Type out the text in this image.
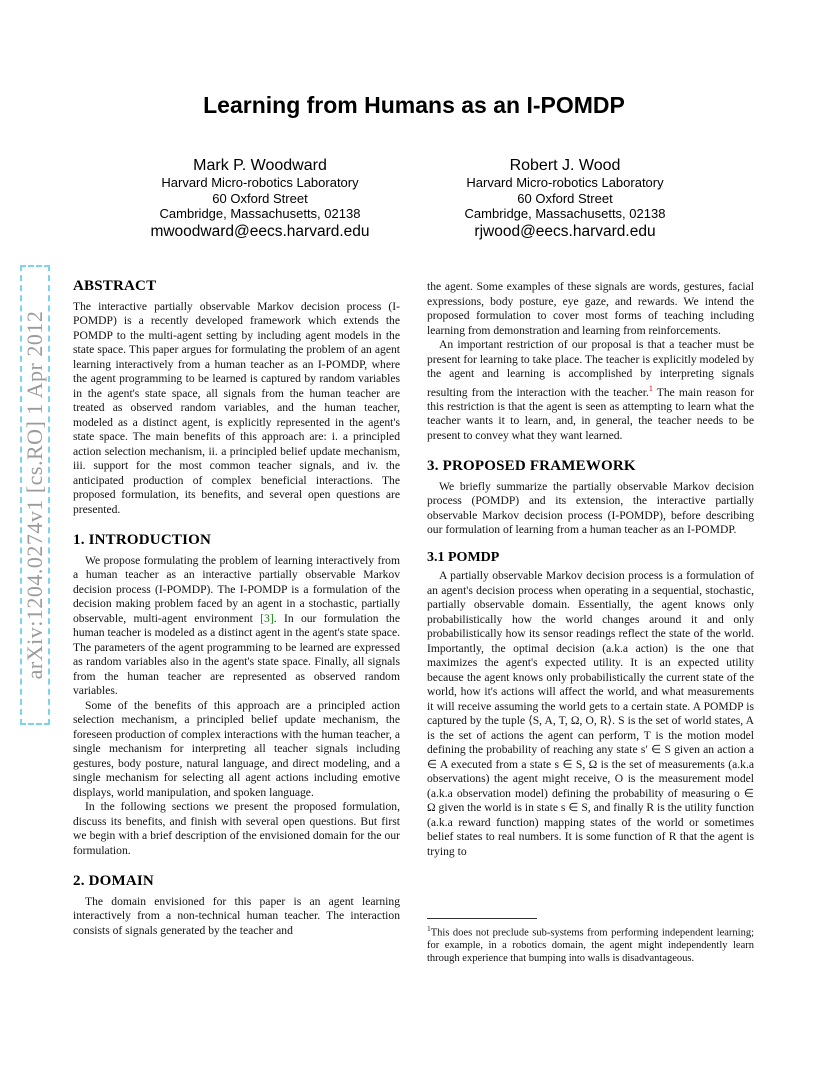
arXiv:1204.0274v1 [cs.RO] 1 Apr 2012
Learning from Humans as an I-POMDP
Mark P. Woodward
Harvard Micro-robotics Laboratory
60 Oxford Street
Cambridge, Massachusetts, 02138
mwoodward@eecs.harvard.edu
Robert J. Wood
Harvard Micro-robotics Laboratory
60 Oxford Street
Cambridge, Massachusetts, 02138
rjwood@eecs.harvard.edu
ABSTRACT

The interactive partially observable Markov decision process (I-POMDP) is a recently developed framework which extends the POMDP to the multi-agent setting by including agent models in the state space. This paper argues for formulating the problem of an agent learning interactively from a human teacher as an I-POMDP, where the agent programming to be learned is captured by random variables in the agent's state space, all signals from the human teacher are treated as observed random variables, and the human teacher, modeled as a distinct agent, is explicitly represented in the agent's state space. The main benefits of this approach are: i. a principled action selection mechanism, ii. a principled belief update mechanism, iii. support for the most common teacher signals, and iv. the anticipated production of complex beneficial interactions. The proposed formulation, its benefits, and several open questions are presented.

1. INTRODUCTION

We propose formulating the problem of learning interactively from a human teacher as an interactive partially observable Markov decision process (I-POMDP). The I-POMDP is a formulation of the decision making problem faced by an agent in a stochastic, partially observable, multi-agent environment [3]. In our formulation the human teacher is modeled as a distinct agent in the agent's state space. The parameters of the agent programming to be learned are expressed as random variables also in the agent's state space. Finally, all signals from the human teacher are represented as observed random variables.

Some of the benefits of this approach are a principled action selection mechanism, a principled belief update mechanism, the foreseen production of complex interactions with the human teacher, a single mechanism for interpreting all teacher signals including gestures, body posture, natural language, and direct modeling, and a single mechanism for selecting all agent actions including emotive displays, world manipulation, and spoken language.

In the following sections we present the proposed formulation, discuss its benefits, and finish with several open questions. But first we begin with a brief description of the envisioned domain for the our formulation.

2. DOMAIN

The domain envisioned for this paper is an agent learning interactively from a non-technical human teacher. The interaction consists of signals generated by the teacher and

the agent. Some examples of these signals are words, gestures, facial expressions, body posture, eye gaze, and rewards. We intend the proposed formulation to cover most forms of teaching including learning from demonstration and learning from reinforcements.

An important restriction of our proposal is that a teacher must be present for learning to take place. The teacher is explicitly modeled by the agent and learning is accomplished by interpreting signals resulting from the interaction with the teacher.$^1$ The main reason for this restriction is that the agent is seen as attempting to learn what the teacher wants it to learn, and, in general, the teacher needs to be present to convey what they want learned.

3. PROPOSED FRAMEWORK

We briefly summarize the partially observable Markov decision process (POMDP) and its extension, the interactive partially observable Markov decision process (I-POMDP), before describing our formulation of learning from a human teacher as an I-POMDP.

3.1 POMDP

A partially observable Markov decision process is a formulation of an agent's decision process when operating in a sequential, stochastic, partially observable domain. Essentially, the agent knows only probabilistically how the world changes around it and only probabilistically how its sensor readings reflect the state of the world. Importantly, the optimal decision (a.k.a action) is the one that maximizes the agent's expected utility. It is an expected utility because the agent knows only probabilistically the current state of the world, how it's actions will affect the world, and what measurements it will receive assuming the world gets to a certain state. A POMDP is captured by the tuple ⟨S, A, T, Ω, O, R⟩. S is the set of world states, A is the set of actions the agent can perform, T is the motion model defining the probability of reaching any state s′ ∈ S given an action a ∈ A executed from a state s ∈ S, Ω is the set of measurements (a.k.a observations) the agent might receive, O is the measurement model (a.k.a observation model) defining the probability of measuring o ∈ Ω given the world is in state s ∈ S, and finally R is the utility function (a.k.a reward function) mapping states of the world or sometimes belief states to real numbers. It is some function of R that the agent is trying to

$^1$This does not preclude sub-systems from performing independent learning; for example, in a robotics domain, the agent might independently learn through experience that bumping into walls is disadvantageous.
